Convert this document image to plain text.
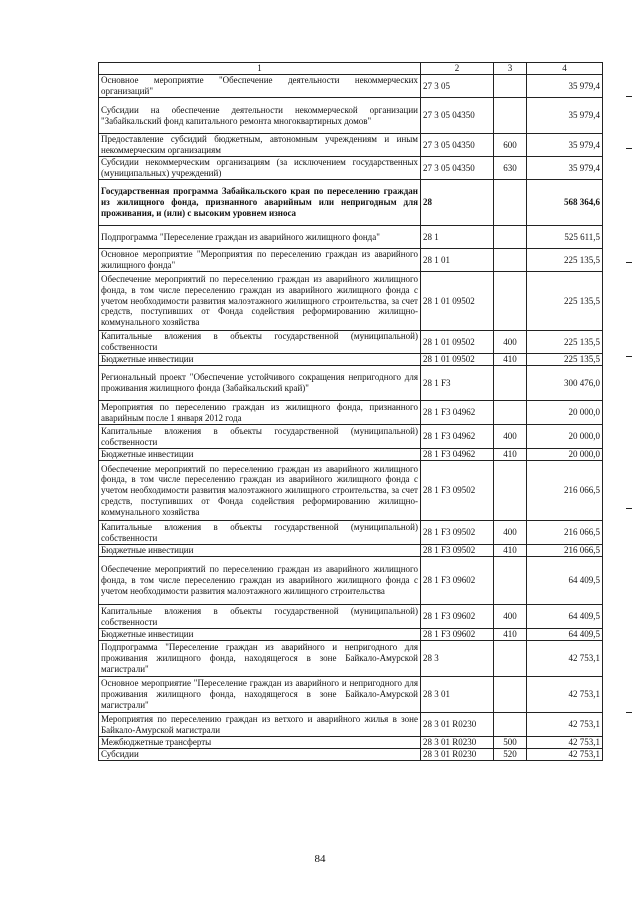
1	2	3	4
Основное мероприятие "Обеспечение деятельности некоммерческих организаций"	27 3 05		35 979,4
Субсидии на обеспечение деятельности некоммерческой организации "Забайкальский фонд капитального ремонта многоквартирных домов"	27 3 05 04350		35 979,4
Предоставление субсидий бюджетным, автономным учреждениям и иным некоммерческим организациям	27 3 05 04350	600	35 979,4
Субсидии некоммерческим организациям (за исключением государственных (муниципальных) учреждений)	27 3 05 04350	630	35 979,4
Государственная программа Забайкальского края по переселению граждан из жилищного фонда, признанного аварийным или непригодным для проживания, и (или) с высоким уровнем износа	28		568 364,6
Подпрограмма "Переселение граждан из аварийного жилищного фонда"	28 1		525 611,5
Основное мероприятие "Мероприятия по переселению граждан из аварийного жилищного фонда"	28 1 01		225 135,5
Обеспечение мероприятий по переселению граждан из аварийного жилищного фонда, в том числе переселению граждан из аварийного жилищного фонда с учетом необходимости развития малоэтажного жилищного строительства, за счет средств, поступивших от Фонда содействия реформированию жилищно-коммунального хозяйства	28 1 01 09502		225 135,5
Капитальные вложения в объекты государственной (муниципальной) собственности	28 1 01 09502	400	225 135,5
Бюджетные инвестиции	28 1 01 09502	410	225 135,5
Региональный проект "Обеспечение устойчивого сокращения непригодного для проживания жилищного фонда (Забайкальский край)"	28 1 F3		300 476,0
Мероприятия по переселению граждан из жилищного фонда, признанного аварийным после 1 января 2012 года	28 1 F3 04962		20 000,0
Капитальные вложения в объекты государственной (муниципальной) собственности	28 1 F3 04962	400	20 000,0
Бюджетные инвестиции	28 1 F3 04962	410	20 000,0
Обеспечение мероприятий по переселению граждан из аварийного жилищного фонда, в том числе переселению граждан из аварийного жилищного фонда с учетом необходимости развития малоэтажного жилищного строительства, за счет средств, поступивших от Фонда содействия реформированию жилищно-коммунального хозяйства	28 1 F3 09502		216 066,5
Капитальные вложения в объекты государственной (муниципальной) собственности	28 1 F3 09502	400	216 066,5
Бюджетные инвестиции	28 1 F3 09502	410	216 066,5
Обеспечение мероприятий по переселению граждан из аварийного жилищного фонда, в том числе переселению граждан из аварийного жилищного фонда с учетом необходимости развития малоэтажного жилищного строительства	28 1 F3 09602		64 409,5
Капитальные вложения в объекты государственной (муниципальной) собственности	28 1 F3 09602	400	64 409,5
Бюджетные инвестиции	28 1 F3 09602	410	64 409,5
Подпрограмма "Переселение граждан из аварийного и непригодного для проживания жилищного фонда, находящегося в зоне Байкало-Амурской магистрали"	28 3		42 753,1
Основное мероприятие "Переселение граждан из аварийного и непригодного для проживания жилищного фонда, находящегося в зоне Байкало-Амурской магистрали"	28 3 01		42 753,1
Мероприятия по переселению граждан из ветхого и аварийного жилья в зоне Байкало-Амурской магистрали	28 3 01 R0230		42 753,1
Межбюджетные трансферты	28 3 01 R0230	500	42 753,1
Субсидии	28 3 01 R0230	520	42 753,1
84
